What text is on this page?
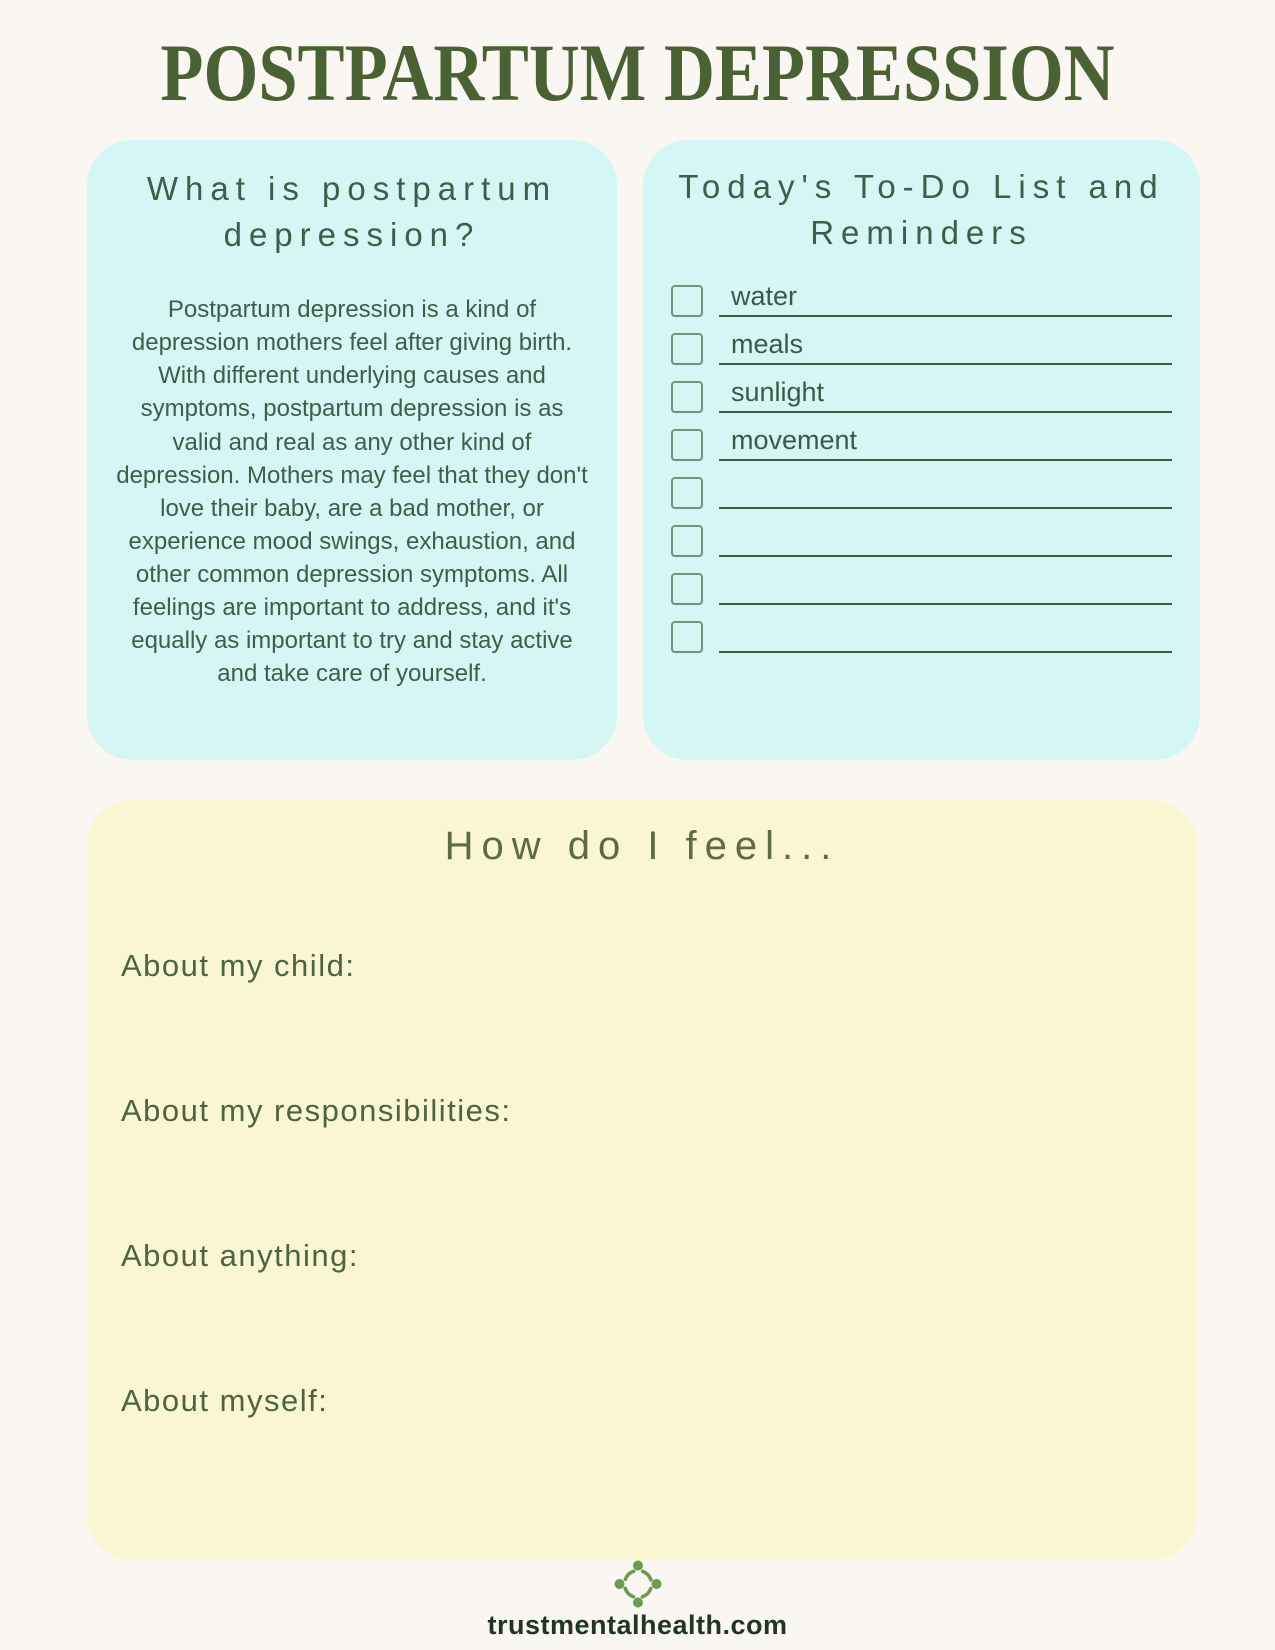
POSTPARTUM DEPRESSION
What is postpartum depression?

Postpartum depression is a kind of depression mothers feel after giving birth. With different underlying causes and symptoms, postpartum depression is as valid and real as any other kind of depression. Mothers may feel that they don't love their baby, are a bad mother, or experience mood swings, exhaustion, and other common depression symptoms. All feelings are important to address, and it's equally as important to try and stay active and take care of yourself.

Today's To-Do List and Reminders
water
meals
sunlight
movement
How do I feel...
About my child:
About my responsibilities:
About anything:
About myself:
trustmentalhealth.com
